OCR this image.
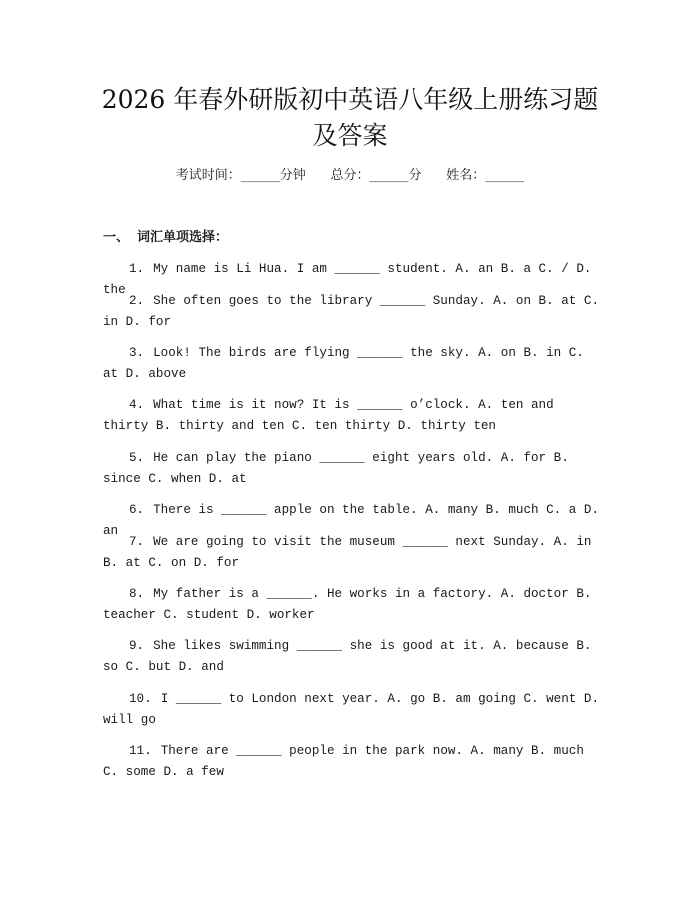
2026 年春外研版初中英语八年级上册练习题
及答案
考试时间：______分钟      总分：______分      姓名：______
一、 词汇单项选择：
1. My name is Li Hua. I am ______ student. A. an B. a C. / D. the
2. She often goes to the library ______ Sunday. A. on B. at C. in D. for
3. Look! The birds are flying ______ the sky. A. on B. in C. at D. above
4. What time is it now? It is ______ o’clock. A. ten and thirty B. thirty and ten C. ten thirty D. thirty ten
5. He can play the piano ______ eight years old. A. for B. since C. when D. at
6. There is ______ apple on the table. A. many B. much C. a D. an
7. We are going to visit the museum ______ next Sunday. A. in B. at C. on D. for
8. My father is a ______. He works in a factory. A. doctor B. teacher C. student D. worker
9. She likes swimming ______ she is good at it. A. because B. so C. but D. and
10. I ______ to London next year. A. go B. am going C. went D. will go
11. There are ______ people in the park now. A. many B. much C. some D. a few
